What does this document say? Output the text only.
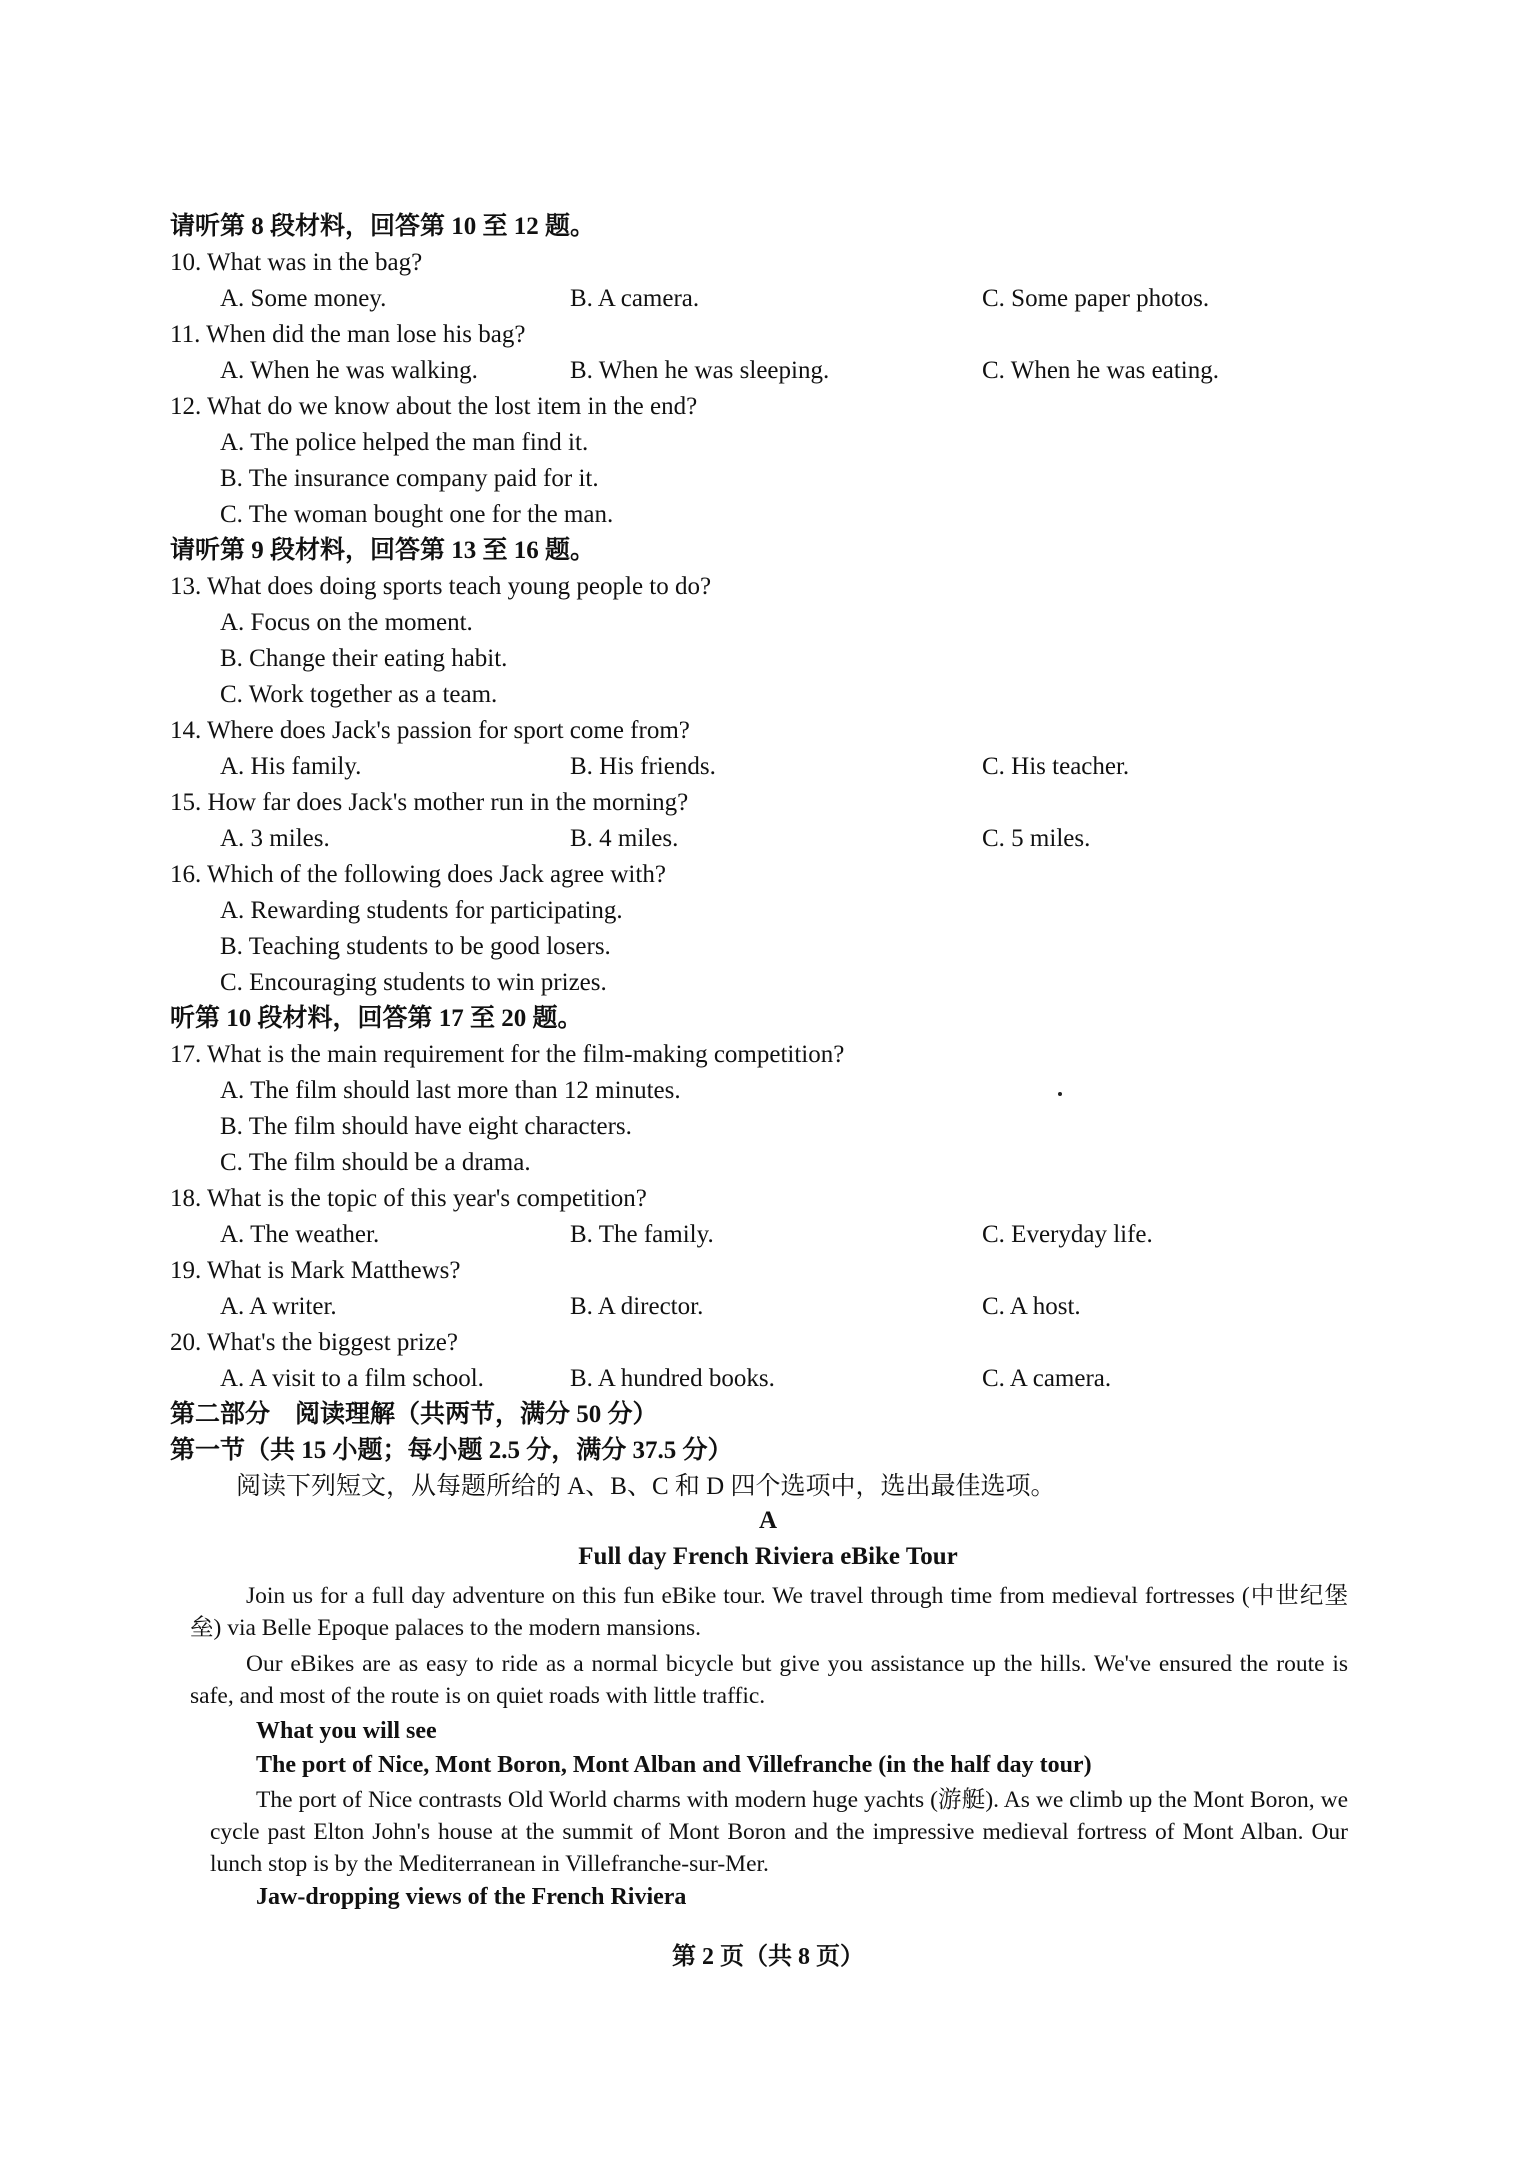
请听第 8 段材料，回答第 10 至 12 题。
10. What was in the bag?
A. Some money.	B. A camera.	C. Some paper photos.
11. When did the man lose his bag?
A. When he was walking.	B. When he was sleeping.	C. When he was eating.
12. What do we know about the lost item in the end?
A. The police helped the man find it.
B. The insurance company paid for it.
C. The woman bought one for the man.
请听第 9 段材料，回答第 13 至 16 题。
13. What does doing sports teach young people to do?
A. Focus on the moment.
B. Change their eating habit.
C. Work together as a team.
14. Where does Jack's passion for sport come from?
A. His family.	B. His friends.	C. His teacher.
15. How far does Jack's mother run in the morning?
A. 3 miles.	B. 4 miles.	C. 5 miles.
16. Which of the following does Jack agree with?
A. Rewarding students for participating.
B. Teaching students to be good losers.
C. Encouraging students to win prizes.
听第 10 段材料，回答第 17 至 20 题。
17. What is the main requirement for the film-making competition?
A. The film should last more than 12 minutes.
B. The film should have eight characters.
C. The film should be a drama.
18. What is the topic of this year's competition?
A. The weather.	B. The family.	C. Everyday life.
19. What is Mark Matthews?
A. A writer.	B. A director.	C. A host.
20. What's the biggest prize?
A. A visit to a film school.	B. A hundred books.	C. A camera.
第二部分　阅读理解（共两节，满分 50 分）
第一节（共 15 小题；每小题 2.5 分，满分 37.5 分）
阅读下列短文，从每题所给的 A、B、C 和 D 四个选项中，选出最佳选项。
A
Full day French Riviera eBike Tour
Join us for a full day adventure on this fun eBike tour. We travel through time from medieval fortresses (中世纪堡垒) via Belle Epoque palaces to the modern mansions.
Our eBikes are as easy to ride as a normal bicycle but give you assistance up the hills. We've ensured the route is safe, and most of the route is on quiet roads with little traffic.
What you will see
The port of Nice, Mont Boron, Mont Alban and Villefranche (in the half day tour)
The port of Nice contrasts Old World charms with modern huge yachts (游艇). As we climb up the Mont Boron, we cycle past Elton John's house at the summit of Mont Boron and the impressive medieval fortress of Mont Alban. Our lunch stop is by the Mediterranean in Villefranche-sur-Mer.
Jaw-dropping views of the French Riviera
第 2 页（共 8 页）
